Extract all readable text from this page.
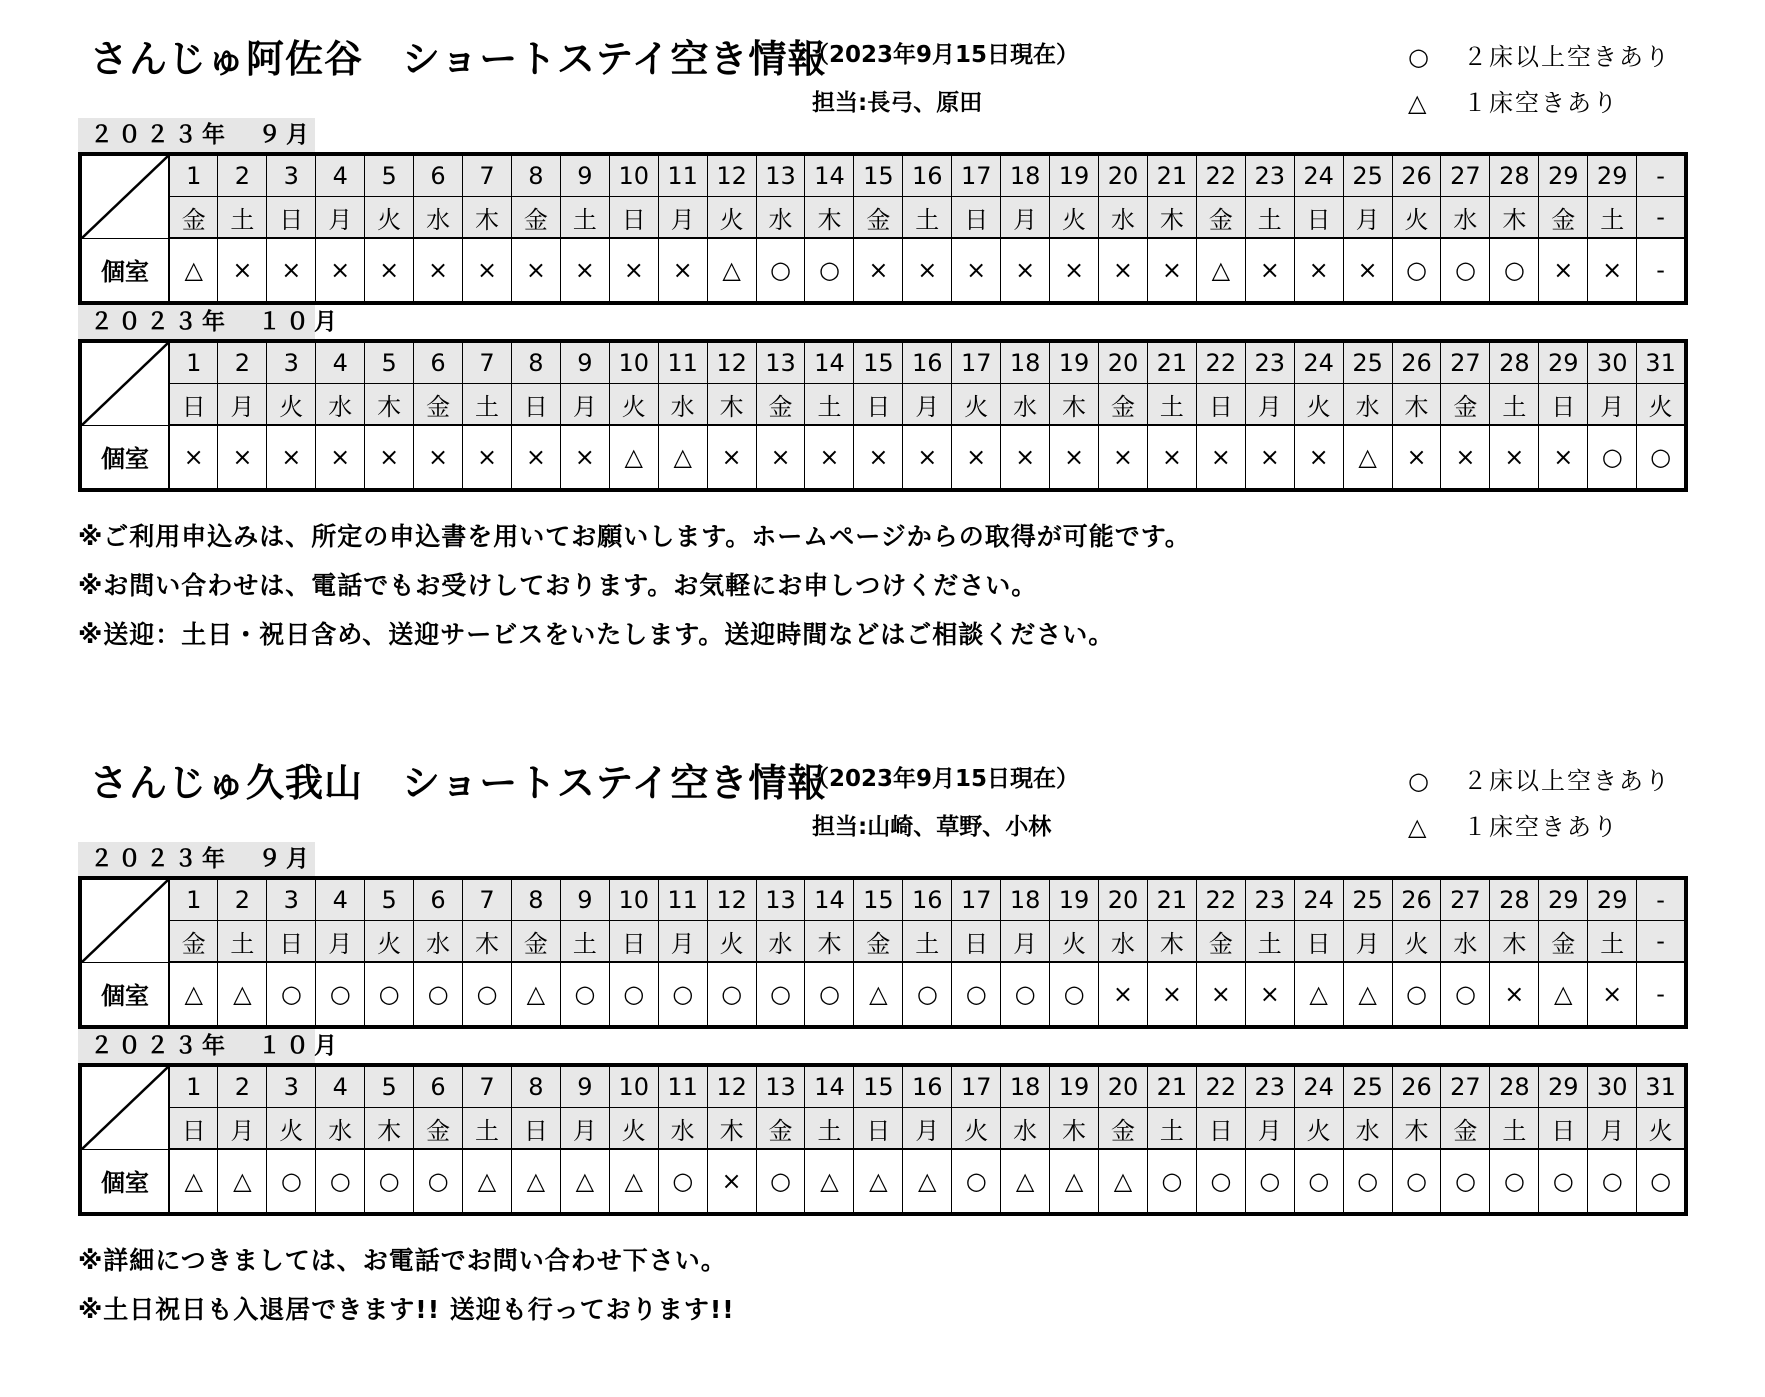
さんじゅ阿佐谷　ショートステイ空き情報
（2023年9月15日現在）
担当:長弓、原田
○ ２床以上空きあり
△ １床空きあり
２０２３年　９月
	1	2	3	4	5	6	7	8	9	10	11	12	13	14	15	16	17	18	19	20	21	22	23	24	25	26	27	28	29	29	-
	金	土	日	月	火	水	木	金	土	日	月	火	水	木	金	土	日	月	火	水	木	金	土	日	月	火	水	木	金	土	-
個室	△	×	×	×	×	×	×	×	×	×	×	△	○	○	×	×	×	×	×	×	×	△	×	×	×	○	○	○	×	×	-
２０２３年　１０月
	1	2	3	4	5	6	7	8	9	10	11	12	13	14	15	16	17	18	19	20	21	22	23	24	25	26	27	28	29	30	31
	日	月	火	水	木	金	土	日	月	火	水	木	金	土	日	月	火	水	木	金	土	日	月	火	水	木	金	土	日	月	火
個室	×	×	×	×	×	×	×	×	×	△	△	×	×	×	×	×	×	×	×	×	×	×	×	×	△	×	×	×	×	○	○
※ご利用申込みは、所定の申込書を用いてお願いします。ホームページからの取得が可能です。
※お問い合わせは、電話でもお受けしております。お気軽にお申しつけください。
※送迎：土日・祝日含め、送迎サービスをいたします。送迎時間などはご相談ください。
さんじゅ久我山　ショートステイ空き情報
（2023年9月15日現在）
担当:山崎、草野、小林
○ ２床以上空きあり
△ １床空きあり
２０２３年　９月
	1	2	3	4	5	6	7	8	9	10	11	12	13	14	15	16	17	18	19	20	21	22	23	24	25	26	27	28	29	29	-
	金	土	日	月	火	水	木	金	土	日	月	火	水	木	金	土	日	月	火	水	木	金	土	日	月	火	水	木	金	土	-
個室	△	△	○	○	○	○	○	△	○	○	○	○	○	○	△	○	○	○	○	×	×	×	×	△	△	○	○	×	△	×	-
２０２３年　１０月
	1	2	3	4	5	6	7	8	9	10	11	12	13	14	15	16	17	18	19	20	21	22	23	24	25	26	27	28	29	30	31
	日	月	火	水	木	金	土	日	月	火	水	木	金	土	日	月	火	水	木	金	土	日	月	火	水	木	金	土	日	月	火
個室	△	△	○	○	○	○	△	△	△	△	○	×	○	△	△	△	○	△	△	△	○	○	○	○	○	○	○	○	○	○	○
※詳細につきましては、お電話でお問い合わせ下さい。
※土日祝日も入退居できます!! 送迎も行っております!!
